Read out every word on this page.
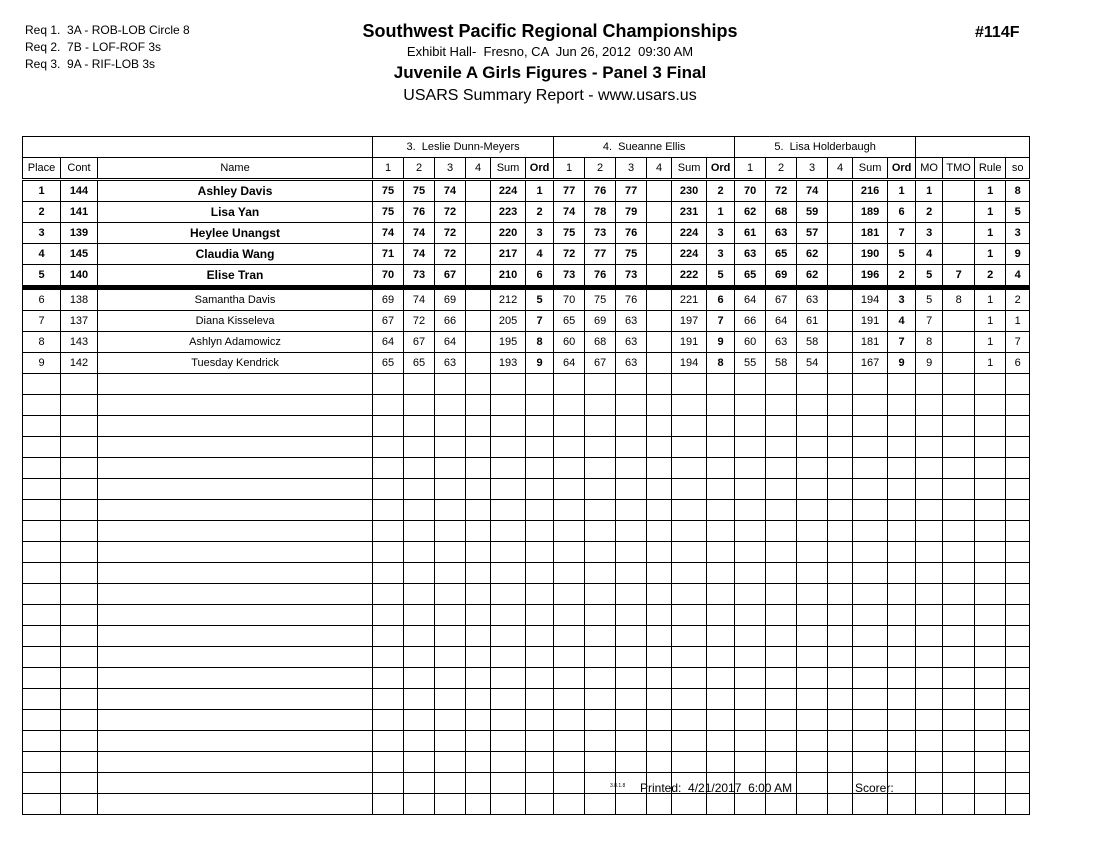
Req 1.  3A - ROB-LOB Circle 8
Req 2.  7B - LOF-ROF 3s
Req 3.  9A - RIF-LOB 3s
Southwest Pacific Regional Championships
Exhibit Hall-  Fresno, CA  Jun 26, 2012  09:30 AM
Juvenile A Girls Figures - Panel 3 Final
USARS Summary Report - www.usars.us
#114F
			3.  Leslie Dunn-Meyers						4.  Sueanne Ellis						5.  Lisa Holderbaugh									
Place	Cont	Name	1	2	3	4	Sum	Ord	1	2	3	4	Sum	Ord	1	2	3	4	Sum	Ord	MO	TMO	Rule	so
1	144	Ashley Davis	75	75	74		224	1	77	76	77		230	2	70	72	74		216	1	1		1	8
2	141	Lisa Yan	75	76	72		223	2	74	78	79		231	1	62	68	59		189	6	2		1	5
3	139	Heylee Unangst	74	74	72		220	3	75	73	76		224	3	61	63	57		181	7	3		1	3
4	145	Claudia Wang	71	74	72		217	4	72	77	75		224	3	63	65	62		190	5	4		1	9
5	140	Elise Tran	70	73	67		210	6	73	76	73		222	5	65	69	62		196	2	5	7	2	4
6	138	Samantha Davis	69	74	69		212	5	70	75	76		221	6	64	67	63		194	3	5	8	1	2
7	137	Diana Kisseleva	67	72	66		205	7	65	69	63		197	7	66	64	61		191	4	7		1	1
8	143	Ashlyn Adamowicz	64	67	64		195	8	60	68	63		191	9	60	63	58		181	7	8		1	7
9	142	Tuesday Kendrick	65	65	63		193	9	64	67	63		194	8	55	58	54		167	9	9		1	6

3.8.1.8 Printed:  4/21/2017  6:00 AM	Scorer:
